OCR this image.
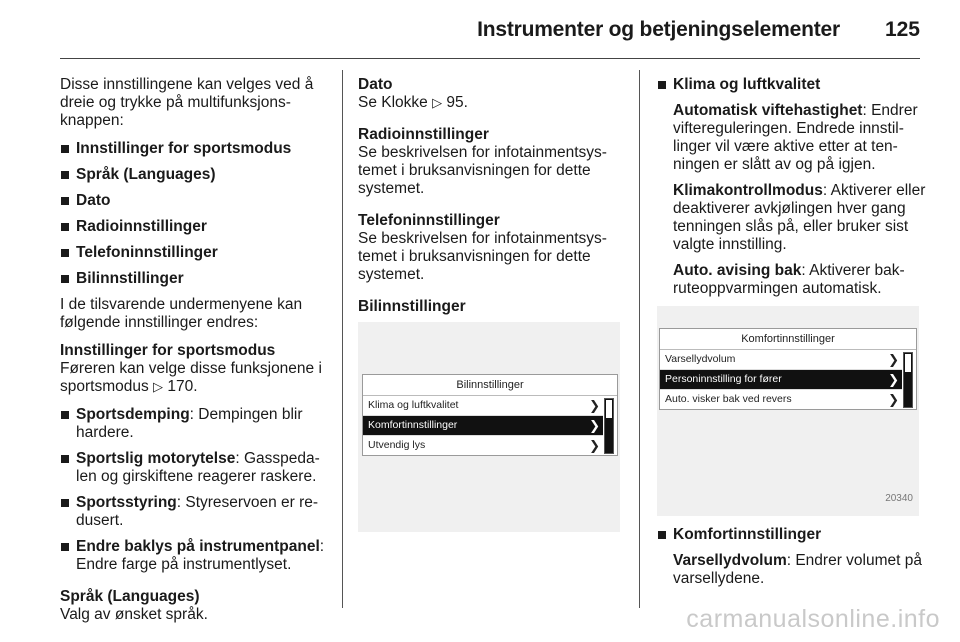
Instrumenter og betjeningselementer 125

Disse innstillingene kan velges ved å dreie og trykke på multifunksjons-knappen:

Innstillinger for sportsmodus
Språk (Languages)
Dato
Radioinnstillinger
Telefoninnstillinger
Bilinnstillinger

I de tilsvarende undermenyene kan følgende innstillinger endres:

Innstillinger for sportsmodus

Føreren kan velge disse funksjonene i sportsmodus ▷ 170.

Sportsdemping: Dempingen blir hardere.
Sportslig motorytelse: Gasspeda-len og girskiftene reagerer raskere.
Sportsstyring: Styreservoen er re-dusert.
Endre baklys på instrumentpanel: Endre farge på instrumentlyset.

Språk (Languages)

Valg av ønsket språk.

Dato

Se Klokke ▷ 95.

Radioinnstillinger

Se beskrivelsen for infotainmentsys-temet i bruksanvisningen for dette systemet.

Telefoninnstillinger

Se beskrivelsen for infotainmentsys-temet i bruksanvisningen for dette systemet.

Bilinnstillinger

Bilinnstillinger
Klima og luftkvalitet	❯
Komfortinnstillinger	❯
Utvendig lys	❯
Klima og luftkvalitet

Automatisk viftehastighet: Endrer viftereguleringen. Endrede innstil-linger vil være aktive etter at ten-ningen er slått av og på igjen.

Klimakontrollmodus: Aktiverer eller deaktiverer avkjølingen hver gang tenningen slås på, eller bruker sist valgte innstilling.

Auto. avising bak: Aktiverer bak-ruteoppvarmingen automatisk.

Komfortinnstillinger
Varsellydvolum	❯
Personinnstilling for fører	❯
Auto. visker bak ved revers	❯
20340
Komfortinnstillinger

Varsellydvolum: Endrer volumet på varsellydene.

carmanualsonline.info
